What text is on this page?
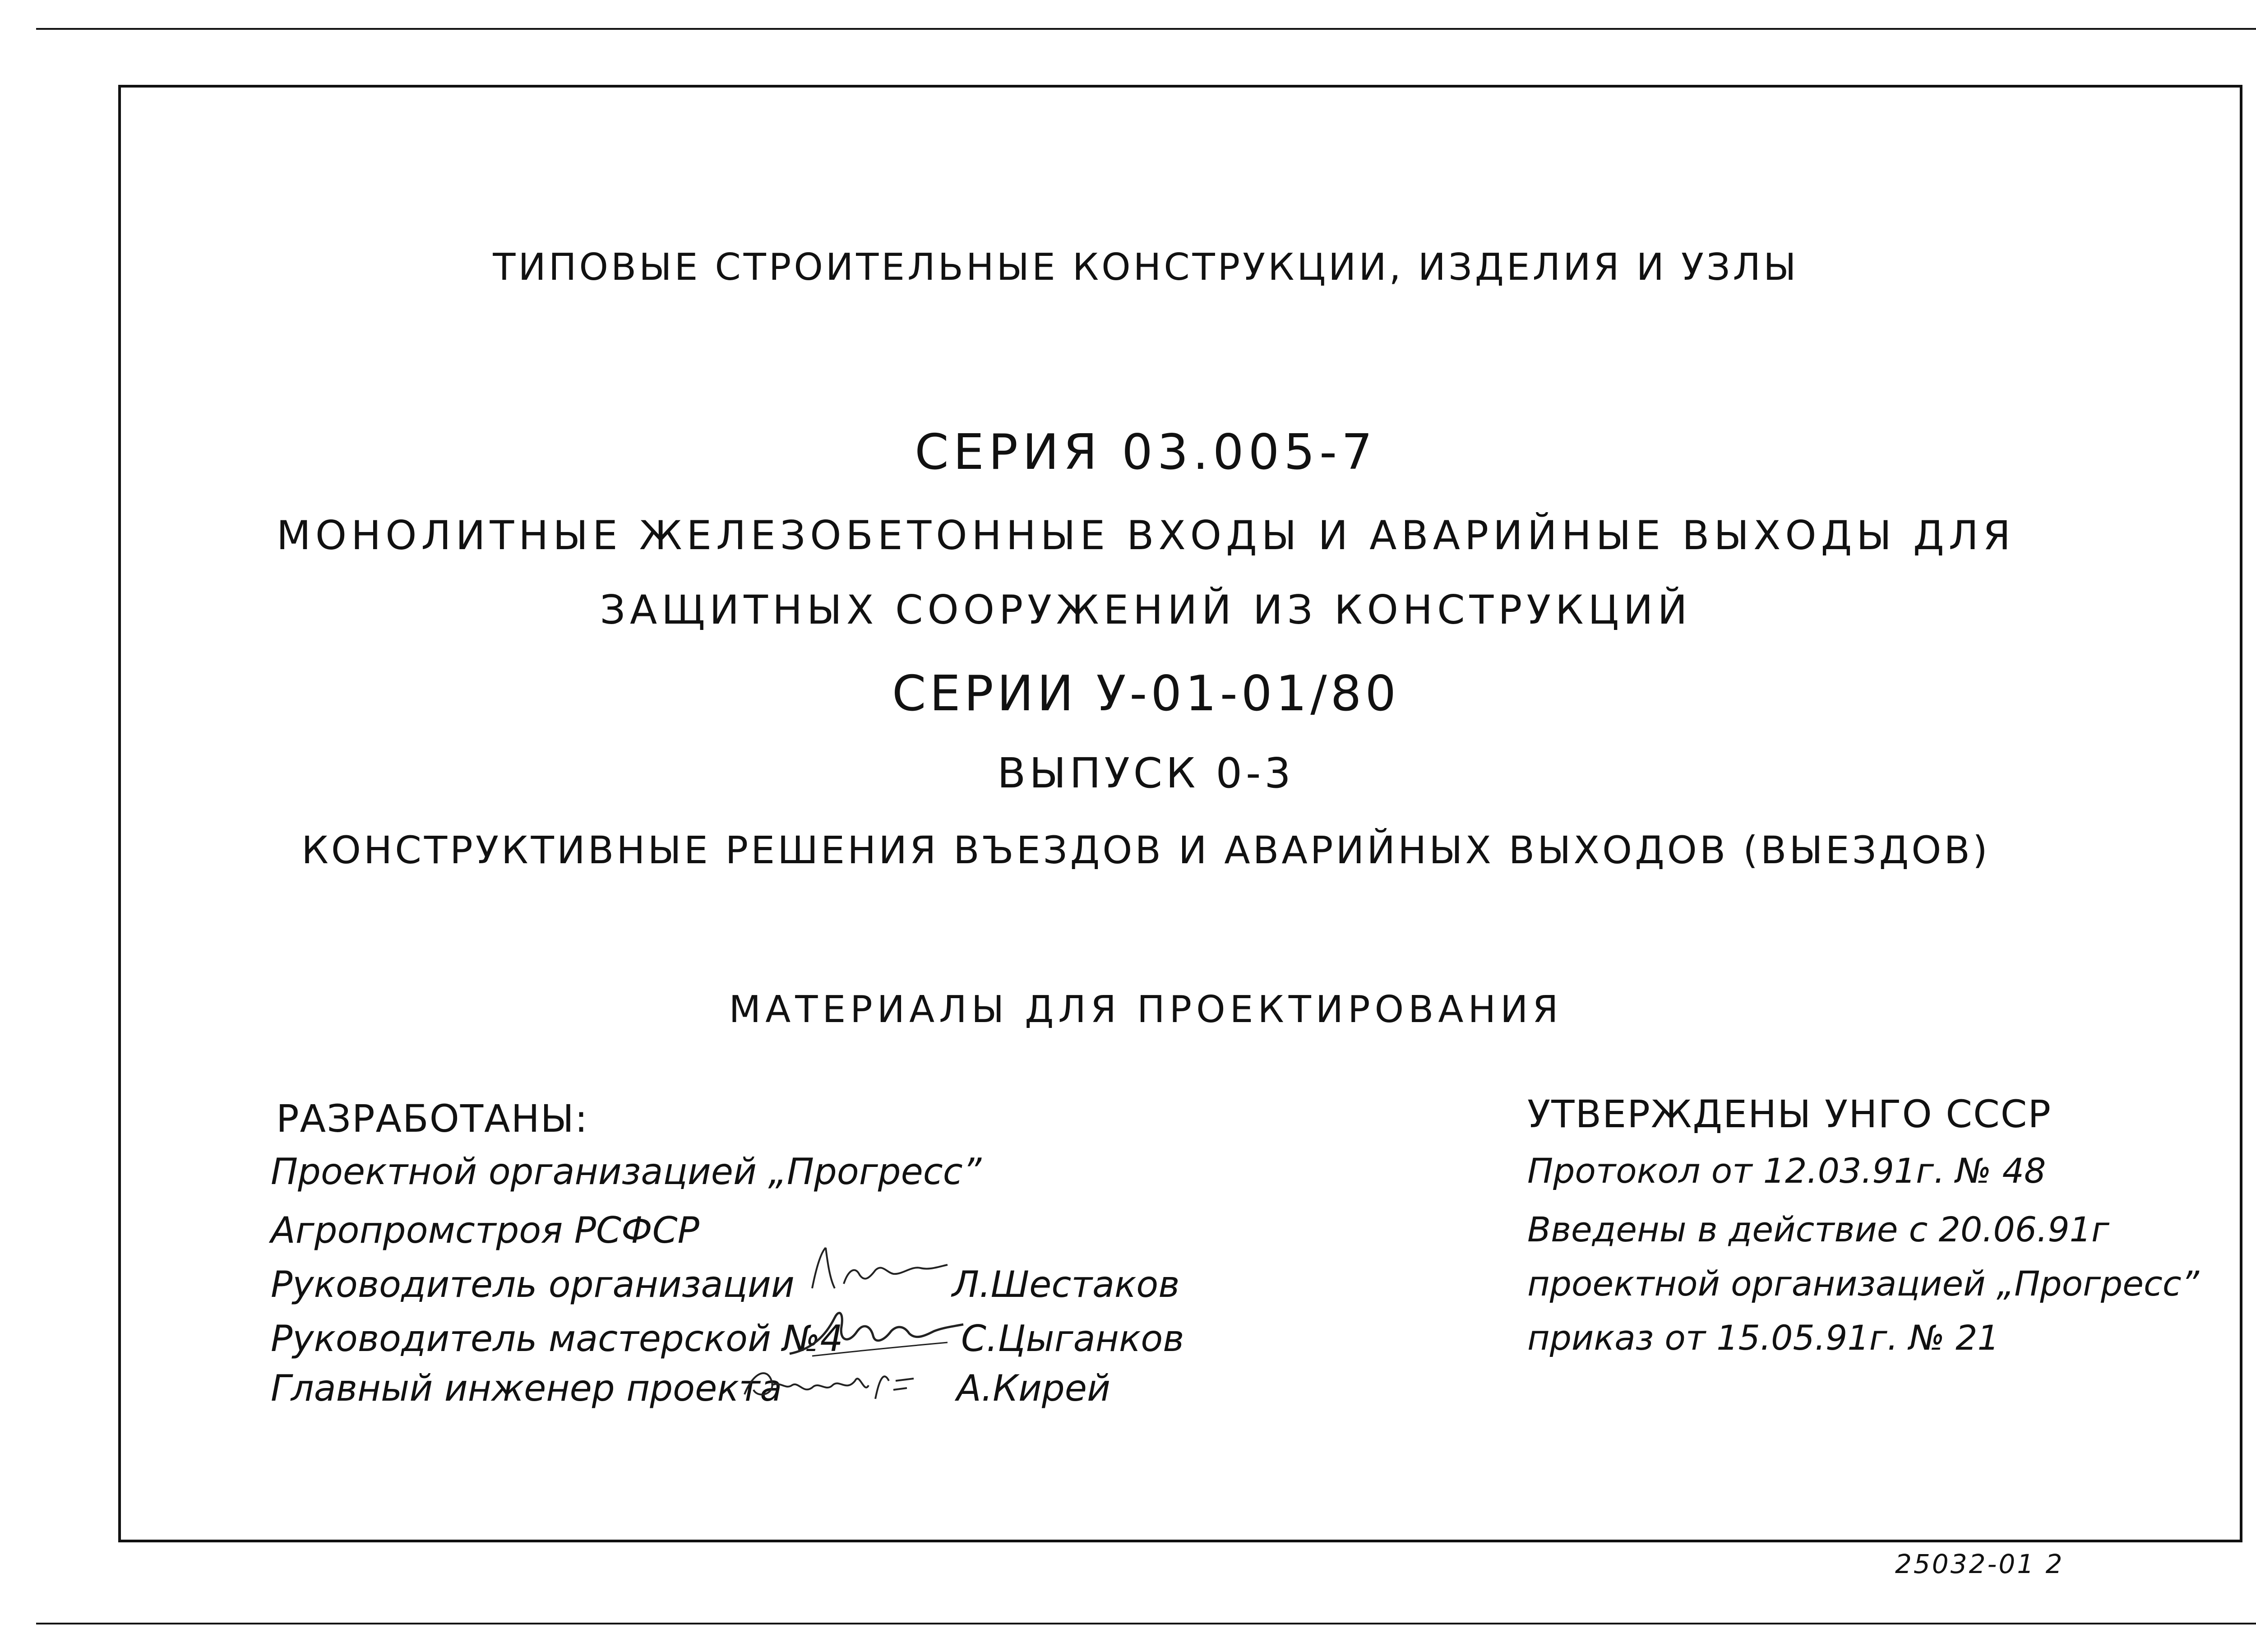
ТИПОВЫЕ СТРОИТЕЛЬНЫЕ КОНСТРУКЦИИ, ИЗДЕЛИЯ И УЗЛЫ
СЕРИЯ 03.005-7
МОНОЛИТНЫЕ ЖЕЛЕЗОБЕТОННЫЕ ВХОДЫ И АВАРИЙНЫЕ ВЫХОДЫ ДЛЯ
ЗАЩИТНЫХ СООРУЖЕНИЙ ИЗ КОНСТРУКЦИЙ
СЕРИИ У-01-01/80
ВЫПУСК 0-3
КОНСТРУКТИВНЫЕ РЕШЕНИЯ ВЪЕЗДОВ И АВАРИЙНЫХ ВЫХОДОВ (ВЫЕЗДОВ)
МАТЕРИАЛЫ ДЛЯ ПРОЕКТИРОВАНИЯ
РАЗРАБОТАНЫ:
Проектной организацией „Прогресс”
Агропромстроя РСФСР
Руководитель организации	Л.Шестаков
Руководитель мастерской №4	С.Цыганков
Главный инженер проекта	А.Кирей
УТВЕРЖДЕНЫ УНГО СССР
Протокол от 12.03.91г. № 48
Введены в действие с 20.06.91г
проектной организацией „Прогресс”
приказ от 15.05.91г. № 21
25032-01 2
